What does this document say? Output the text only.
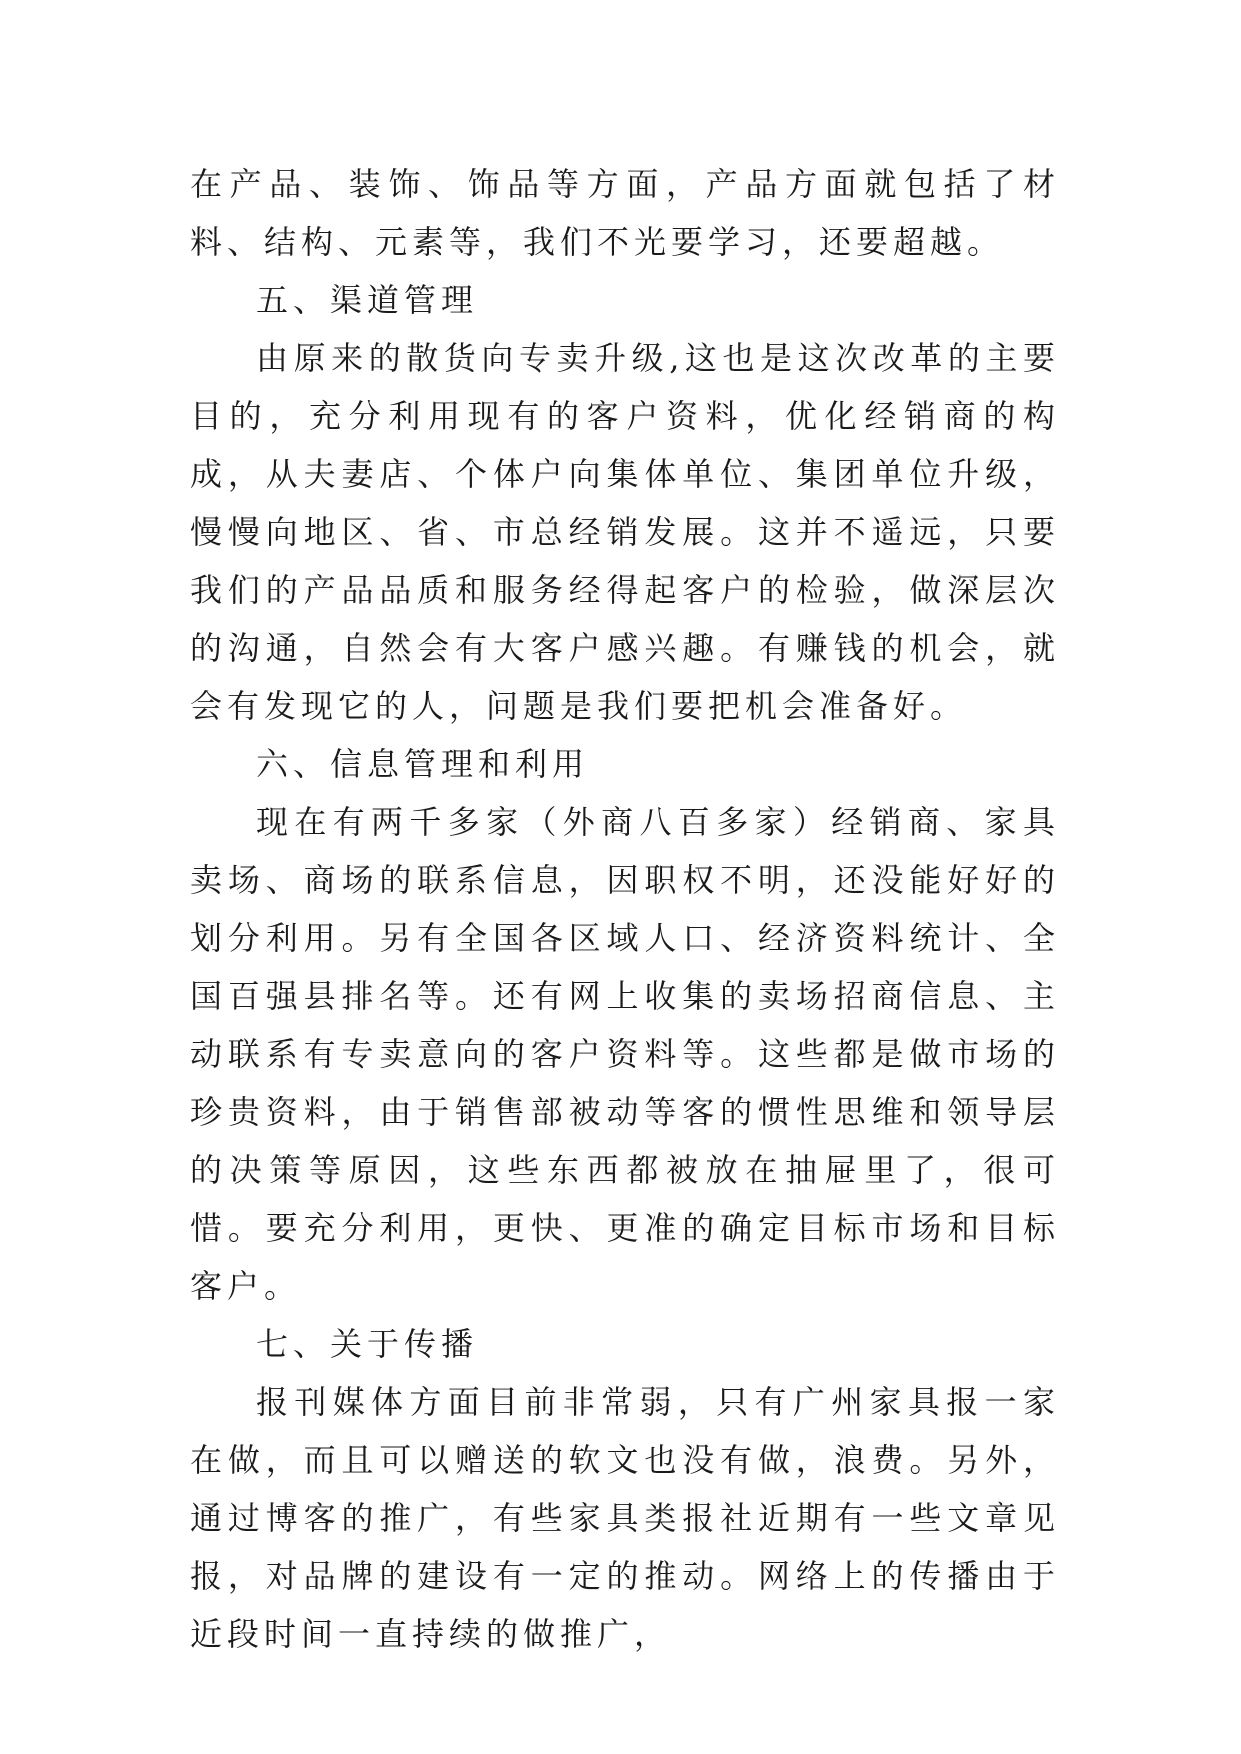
在产品、装饰、饰品等方面，产品方面就包括了材料、结构、元素等，我们不光要学习，还要超越。

五、渠道管理

由原来的散货向专卖升级,这也是这次改革的主要目的，充分利用现有的客户资料，优化经销商的构成，从夫妻店、个体户向集体单位、集团单位升级，慢慢向地区、省、市总经销发展。这并不遥远，只要我们的产品品质和服务经得起客户的检验，做深层次的沟通，自然会有大客户感兴趣。有赚钱的机会，就会有发现它的人，问题是我们要把机会准备好。

六、信息管理和利用

现在有两千多家（外商八百多家）经销商、家具卖场、商场的联系信息，因职权不明，还没能好好的划分利用。另有全国各区域人口、经济资料统计、全国百强县排名等。还有网上收集的卖场招商信息、主动联系有专卖意向的客户资料等。这些都是做市场的珍贵资料，由于销售部被动等客的惯性思维和领导层的决策等原因，这些东西都被放在抽屉里了，很可惜。要充分利用，更快、更准的确定目标市场和目标客户。

七、关于传播

报刊媒体方面目前非常弱，只有广州家具报一家在做，而且可以赠送的软文也没有做，浪费。另外，通过博客的推广，有些家具类报社近期有一些文章见报，对品牌的建设有一定的推动。网络上的传播由于近段时间一直持续的做推广，
